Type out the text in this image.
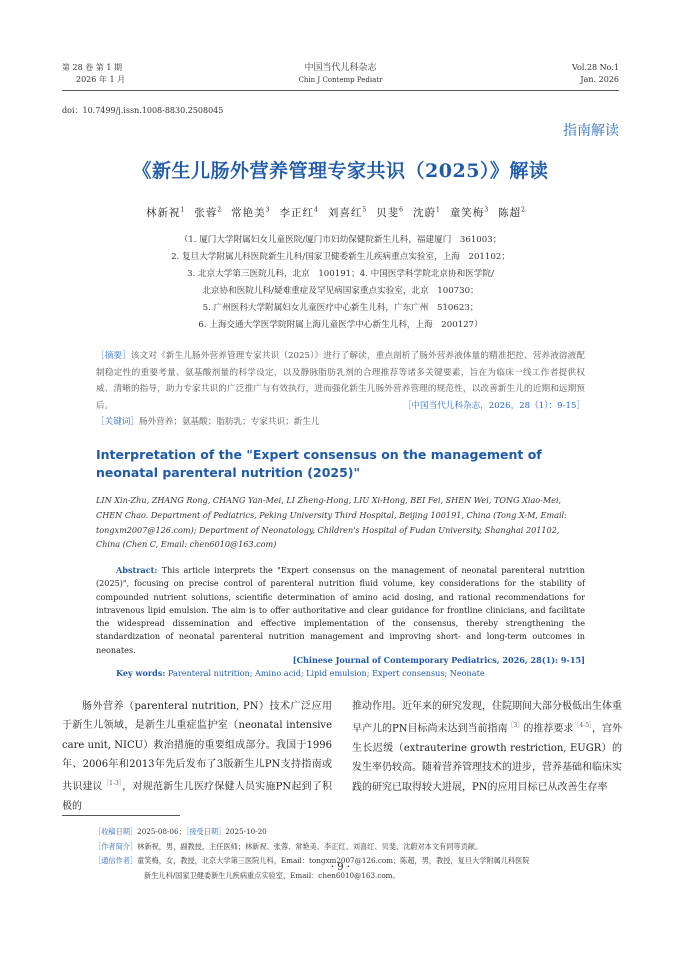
第 28 卷 第 1 期
2026 年 1 月
中国当代儿科杂志
Chin J Contemp Pediatr
Vol.28 No.1
Jan. 2026
doi：10.7499/j.issn.1008-8830.2508045
指南解读
《新生儿肠外营养管理专家共识（2025）》解读
林新祝$^1$ 张蓉$^2$ 常艳美$^3$ 李正红$^4$ 刘喜红$^5$ 贝斐$^6$ 沈蔚$^1$ 童笑梅$^3$ 陈超$^2$
（1. 厦门大学附属妇女儿童医院/厦门市妇幼保健院新生儿科，福建厦门　361003；
2. 复旦大学附属儿科医院新生儿科/国家卫健委新生儿疾病重点实验室，上海　201102；
3. 北京大学第三医院儿科，北京　100191；4. 中国医学科学院北京协和医学院/
北京协和医院儿科/疑难重症及罕见病国家重点实验室，北京　100730；
5. 广州医科大学附属妇女儿童医疗中心新生儿科，广东广州　510623；
6. 上海交通大学医学院附属上海儿童医学中心新生儿科，上海　200127）
［摘要］该文对《新生儿肠外营养管理专家共识（2025）》进行了解读，重点剖析了肠外营养液体量的精准把控、营养液溶液配制稳定性的重要考量、氨基酸剂量的科学设定，以及静脉脂肪乳剂的合理推荐等诸多关键要素，旨在为临床一线工作者提供权威、清晰的指导，助力专家共识的广泛推广与有效执行，进而强化新生儿肠外营养管理的规范性，以改善新生儿的近期和远期预后。	［中国当代儿科杂志，2026，28（1）：9-15］
［关键词］肠外营养；氨基酸；脂肪乳；专家共识；新生儿
Interpretation of the "Expert consensus on the management of neonatal parenteral nutrition (2025)"
LIN Xin-Zhu, ZHANG Rong, CHANG Yan-Mei, LI Zheng-Hong, LIU Xi-Hong, BEI Fei, SHEN Wei, TONG Xiao-Mei, CHEN Chao. Department of Pediatrics, Peking University Third Hospital, Beijing 100191, China (Tong X-M, Email: tongxm2007@126.com); Department of Neonatology, Children's Hospital of Fudan University, Shanghai 201102, China (Chen C, Email: chen6010@163.com)
Abstract: This article interprets the "Expert consensus on the management of neonatal parenteral nutrition (2025)", focusing on precise control of parenteral nutrition fluid volume, key considerations for the stability of compounded nutrient solutions, scientific determination of amino acid dosing, and rational recommendations for intravenous lipid emulsion. The aim is to offer authoritative and clear guidance for frontline clinicians, and facilitate the widespread dissemination and effective implementation of the consensus, thereby strengthening the standardization of neonatal parenteral nutrition management and improving short- and long-term outcomes in neonates.
[Chinese Journal of Contemporary Pediatrics, 2026, 28(1): 9-15]
Key words: Parenteral nutrition; Amino acid; Lipid emulsion; Expert consensus; Neonate
肠外营养（parenteral nutrition, PN）技术广泛应用于新生儿领域，是新生儿重症监护室（neonatal intensive care unit, NICU）救治措施的重要组成部分。我国于1996年、2006年和2013年先后发布了3版新生儿PN支持指南或共识建议$^{[1-3]}$，对规范新生儿医疗保健人员实施PN起到了积极的
推动作用。近年来的研究发现，住院期间大部分极低出生体重早产儿的PN目标尚未达到当前指南$^{[3]}$的推荐要求$^{[4-5]}$，宫外生长迟缓（extrauterine growth restriction, EUGR）的发生率仍较高。随着营养管理技术的进步，营养基础和临床实践的研究已取得较大进展，PN的应用目标已从改善生存率
［收稿日期］2025-08-06；［接受日期］2025-10-20
［作者简介］林新祝，男，副教授，主任医师；林新祝、张蓉、常艳美、李正红、刘喜红、贝斐、沈蔚对本文有同等贡献。
［通信作者］童笑梅，女，教授，北京大学第三医院儿科，Email：tongxm2007@126.com；陈超，男，教授，复旦大学附属儿科医院
新生儿科/国家卫健委新生儿疾病重点实验室，Email：chen6010@163.com。
· 9 ·
